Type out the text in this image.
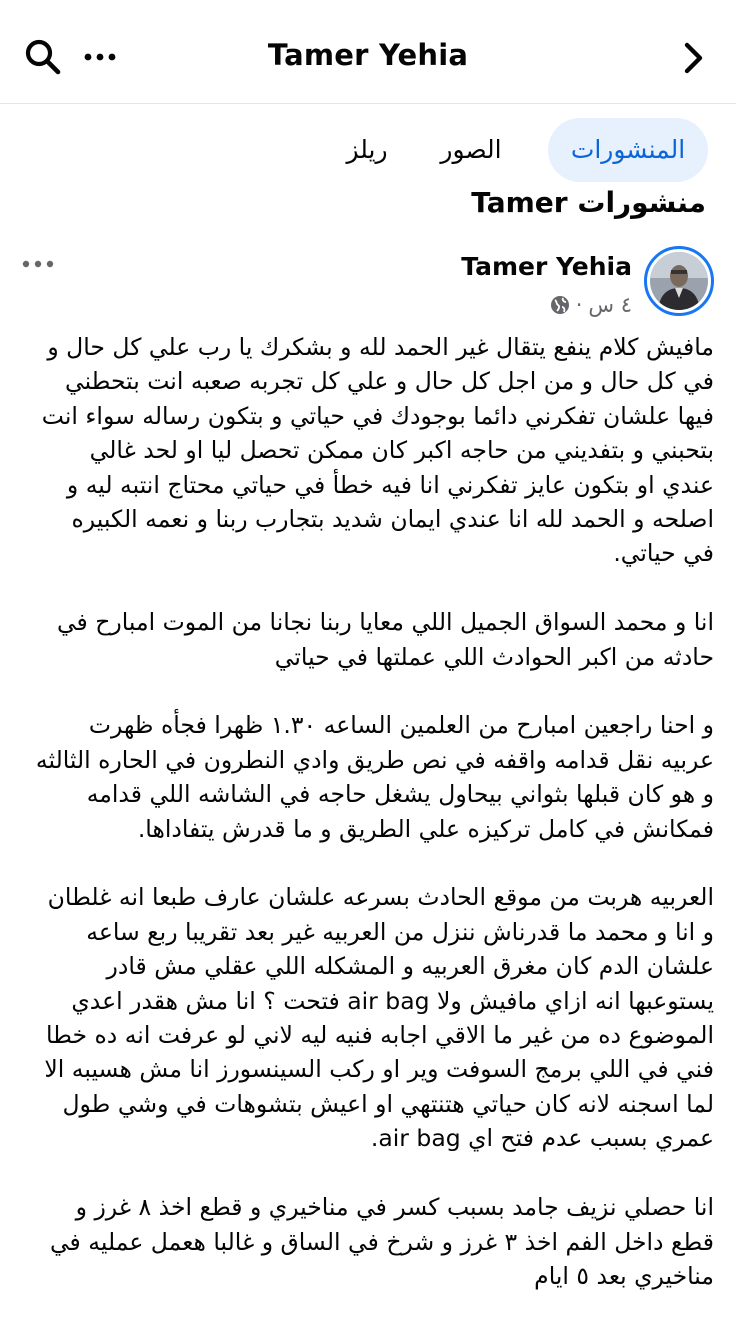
Tamer Yehia
المنشورات
الصور
ريلز
منشورات Tamer
Tamer Yehia
٤ س
·

مافيش كلام ينفع يتقال غير الحمد لله و بشكرك يا رب علي كل حال و

في كل حال و من اجل كل حال و علي كل تجربه صعبه انت بتحطني

فيها علشان تفكرني دائما بوجودك في حياتي و بتكون رساله سواء انت

بتحبني و بتفديني من حاجه اكبر كان ممكن تحصل ليا او لحد غالي

عندي او بتكون عايز تفكرني انا فيه خطأ في حياتي محتاج انتبه ليه و

اصلحه و الحمد لله انا عندي ايمان شديد بتجارب ربنا و نعمه الكبيره

في حياتي.

انا و محمد السواق الجميل اللي معايا ربنا نجانا من الموت امبارح في

حادثه من اكبر الحوادث اللي عملتها في حياتي

و احنا راجعين امبارح من العلمين الساعه ١.٣٠ ظهرا فجأه ظهرت

عربيه نقل قدامه واقفه في نص طريق وادي النطرون في الحاره الثالثه

و هو كان قبلها بثواني بيحاول يشغل حاجه في الشاشه اللي قدامه

فمكانش في كامل تركيزه علي الطريق و ما قدرش يتفاداها.

العربيه هربت من موقع الحادث بسرعه علشان عارف طبعا انه غلطان

و انا و محمد ما قدرناش ننزل من العربيه غير بعد تقريبا ربع ساعه

علشان الدم كان مغرق العربيه و المشكله اللي عقلي مش قادر

يستوعبها انه ازاي مافيش ولا air bag فتحت ؟ انا مش هقدر اعدي

الموضوع ده من غير ما الاقي اجابه فنيه ليه لاني لو عرفت انه ده خطا

فني في اللي برمج السوفت وير او ركب السينسورز انا مش هسيبه الا

لما اسجنه لانه كان حياتي هتنتهي او اعيش بتشوهات في وشي طول

عمري بسبب عدم فتح اي air bag.

انا حصلي نزيف جامد بسبب كسر في مناخيري و قطع اخذ ٨ غرز و

قطع داخل الفم اخذ ٣ غرز و شرخ في الساق و غالبا هعمل عمليه في

مناخيري بعد ٥ ايام
